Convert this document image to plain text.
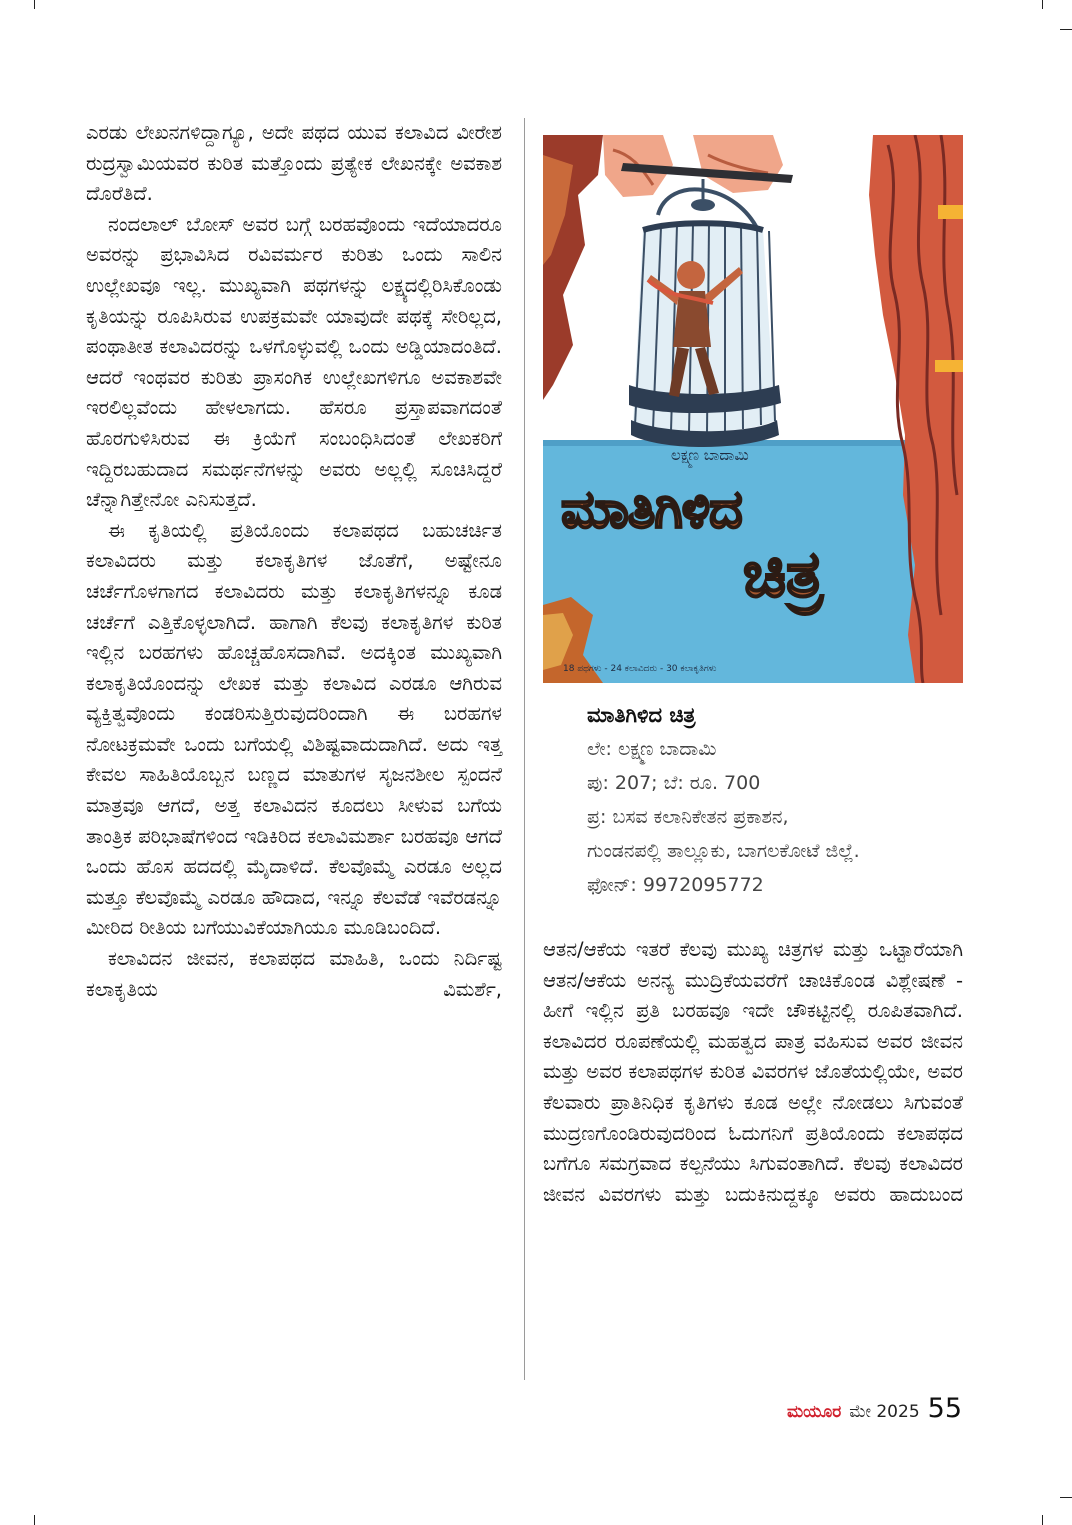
ಎರಡು ಲೇಖನಗಳಿದ್ದಾಗ್ಯೂ, ಅದೇ ಪಥದ ಯುವ ಕಲಾವಿದ ವೀರೇಶ ರುದ್ರಸ್ವಾಮಿಯವರ ಕುರಿತ ಮತ್ತೊಂದು ಪ್ರತ್ಯೇಕ ಲೇಖನಕ್ಕೇ ಅವಕಾಶ ದೊರೆತಿದೆ.

ನಂದಲಾಲ್ ಬೋಸ್ ಅವರ ಬಗ್ಗೆ ಬರಹವೊಂದು ಇದೆಯಾದರೂ ಅವರನ್ನು ಪ್ರಭಾವಿಸಿದ ರವಿವರ್ಮರ ಕುರಿತು ಒಂದು ಸಾಲಿನ ಉಲ್ಲೇಖವೂ ಇಲ್ಲ. ಮುಖ್ಯವಾಗಿ ಪಥಗಳನ್ನು ಲಕ್ಷ್ಯದಲ್ಲಿರಿಸಿಕೊಂಡು ಕೃತಿಯನ್ನು ರೂಪಿಸಿರುವ ಉಪಕ್ರಮವೇ ಯಾವುದೇ ಪಥಕ್ಕೆ ಸೇರಿಲ್ಲದ, ಪಂಥಾತೀತ ಕಲಾವಿದರನ್ನು ಒಳಗೊಳ್ಳುವಲ್ಲಿ ಒಂದು ಅಡ್ಡಿಯಾದಂತಿದೆ. ಆದರೆ ಇಂಥವರ ಕುರಿತು ಪ್ರಾಸಂಗಿಕ ಉಲ್ಲೇಖಗಳಿಗೂ ಅವಕಾಶವೇ ಇರಲಿಲ್ಲವೆಂದು ಹೇಳಲಾಗದು. ಹೆಸರೂ ಪ್ರಸ್ತಾಪವಾಗದಂತೆ ಹೊರಗುಳಿಸಿರುವ ಈ ಕ್ರಿಯೆಗೆ ಸಂಬಂಧಿಸಿದಂತೆ ಲೇಖಕರಿಗೆ ಇದ್ದಿರಬಹುದಾದ ಸಮರ್ಥನೆಗಳನ್ನು ಅವರು ಅಲ್ಲಲ್ಲಿ ಸೂಚಿಸಿದ್ದರೆ ಚೆನ್ನಾಗಿತ್ತೇನೋ ಎನಿಸುತ್ತದೆ.

ಈ ಕೃತಿಯಲ್ಲಿ ಪ್ರತಿಯೊಂದು ಕಲಾಪಥದ ಬಹುಚರ್ಚಿತ ಕಲಾವಿದರು ಮತ್ತು ಕಲಾಕೃತಿಗಳ ಜೊತೆಗೆ, ಅಷ್ಟೇನೂ ಚರ್ಚೆಗೊಳಗಾಗದ ಕಲಾವಿದರು ಮತ್ತು ಕಲಾಕೃತಿಗಳನ್ನೂ ಕೂಡ ಚರ್ಚೆಗೆ ಎತ್ತಿಕೊಳ್ಳಲಾಗಿದೆ. ಹಾಗಾಗಿ ಕೆಲವು ಕಲಾಕೃತಿಗಳ ಕುರಿತ ಇಲ್ಲಿನ ಬರಹಗಳು ಹೊಚ್ಚಹೊಸದಾಗಿವೆ. ಅದಕ್ಕಿಂತ ಮುಖ್ಯವಾಗಿ ಕಲಾಕೃತಿಯೊಂದನ್ನು ಲೇಖಕ ಮತ್ತು ಕಲಾವಿದ ಎರಡೂ ಆಗಿರುವ ವ್ಯಕ್ತಿತ್ವವೊಂದು ಕಂಡರಿಸುತ್ತಿರುವುದರಿಂದಾಗಿ ಈ ಬರಹಗಳ ನೋಟಕ್ರಮವೇ ಒಂದು ಬಗೆಯಲ್ಲಿ ವಿಶಿಷ್ಟವಾದುದಾಗಿದೆ. ಅದು ಇತ್ತ ಕೇವಲ ಸಾಹಿತಿಯೊಬ್ಬನ ಬಣ್ಣದ ಮಾತುಗಳ ಸೃಜನಶೀಲ ಸ್ಪಂದನೆ ಮಾತ್ರವೂ ಆಗದೆ, ಅತ್ತ ಕಲಾವಿದನ ಕೂದಲು ಸೀಳುವ ಬಗೆಯ ತಾಂತ್ರಿಕ ಪರಿಭಾಷೆಗಳಿಂದ ಇಡಿಕಿರಿದ ಕಲಾವಿಮರ್ಶಾ ಬರಹವೂ ಆಗದೆ ಒಂದು ಹೊಸ ಹದದಲ್ಲಿ ಮೈದಾಳಿದೆ. ಕೆಲವೊಮ್ಮೆ ಎರಡೂ ಅಲ್ಲದ ಮತ್ತೂ ಕೆಲವೊಮ್ಮೆ ಎರಡೂ ಹೌದಾದ, ಇನ್ನೂ ಕೆಲವೆಡೆ ಇವೆರಡನ್ನೂ ಮೀರಿದ ರೀತಿಯ ಬಗೆಯುವಿಕೆಯಾಗಿಯೂ ಮೂಡಿಬಂದಿದೆ.

ಕಲಾವಿದನ ಜೀವನ, ಕಲಾಪಥದ ಮಾಹಿತಿ, ಒಂದು ನಿರ್ದಿಷ್ಟ ಕಲಾಕೃತಿಯ ವಿಮರ್ಶೆ,

ಲಕ್ಷ್ಮಣ ಬಾದಾಮಿ
18 ಪಥಗಳು - 24 ಕಲಾವಿದರು - 30 ಕಲಾಕೃತಿಗಳು
ಮಾತಿಗಿಳಿದ
ಚಿತ್ರ
ಮಾತಿಗಿಳಿದ ಚಿತ್ರ
ಲೇ: ಲಕ್ಷ್ಮಣ ಬಾದಾಮಿ
ಪು: 207; ಬೆ: ರೂ. 700
ಪ್ರ: ಬಸವ ಕಲಾನಿಕೇತನ ಪ್ರಕಾಶನ,
ಗುಂಡನಪಲ್ಲಿ ತಾಲ್ಲೂಕು, ಬಾಗಲಕೋಟೆ ಜಿಲ್ಲೆ.
ಫೋನ್: 9972095772

ಆತನ/ಆಕೆಯ ಇತರೆ ಕೆಲವು ಮುಖ್ಯ ಚಿತ್ರಗಳ ಮತ್ತು ಒಟ್ಟಾರೆಯಾಗಿ ಆತನ/ಆಕೆಯ ಅನನ್ಯ ಮುದ್ರಿಕೆಯವರೆಗೆ ಚಾಚಿಕೊಂಡ ವಿಶ್ಲೇಷಣೆ - ಹೀಗೆ ಇಲ್ಲಿನ ಪ್ರತಿ ಬರಹವೂ ಇದೇ ಚೌಕಟ್ಟಿನಲ್ಲಿ ರೂಪಿತವಾಗಿದೆ. ಕಲಾವಿದರ ರೂಪಣೆಯಲ್ಲಿ ಮಹತ್ವದ ಪಾತ್ರ ವಹಿಸುವ ಅವರ ಜೀವನ ಮತ್ತು ಅವರ ಕಲಾಪಥಗಳ ಕುರಿತ ವಿವರಗಳ ಜೊತೆಯಲ್ಲಿಯೇ, ಅವರ ಕೆಲವಾರು ಪ್ರಾತಿನಿಧಿಕ ಕೃತಿಗಳು ಕೂಡ ಅಲ್ಲೇ ನೋಡಲು ಸಿಗುವಂತೆ ಮುದ್ರಣಗೊಂಡಿರುವುದರಿಂದ ಓದುಗನಿಗೆ ಪ್ರತಿಯೊಂದು ಕಲಾಪಥದ ಬಗೆಗೂ ಸಮಗ್ರವಾದ ಕಲ್ಪನೆಯು ಸಿಗುವಂತಾಗಿದೆ. ಕೆಲವು ಕಲಾವಿದರ ಜೀವನ ವಿವರಗಳು ಮತ್ತು ಬದುಕಿನುದ್ದಕ್ಕೂ ಅವರು ಹಾದುಬಂದ

ಮಯೂರ ಮೇ 2025 55
